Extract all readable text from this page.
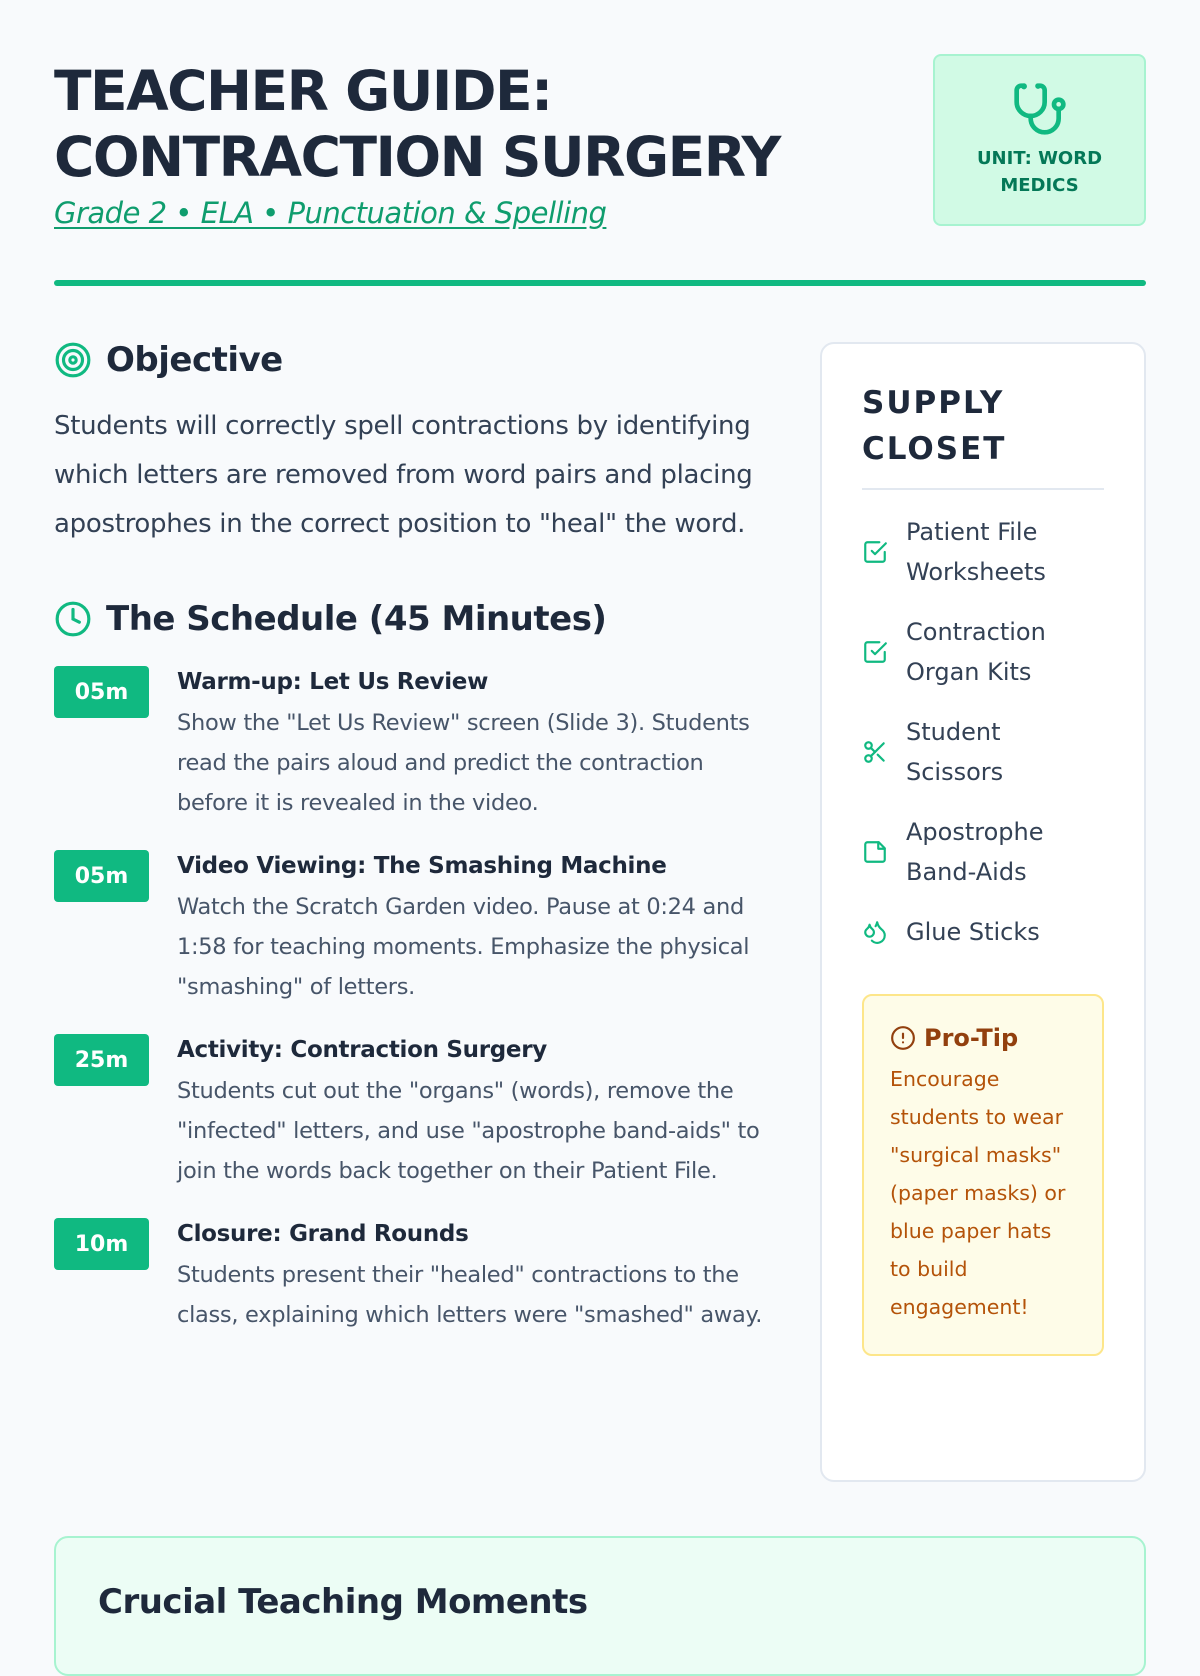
TEACHER GUIDE:
CONTRACTION SURGERY
Grade 2 • ELA • Punctuation & Spelling
UNIT: WORD MEDICS
Objective

Students will correctly spell contractions by identifying which letters are removed from word pairs and placing apostrophes in the correct position to "heal" the word.

The Schedule (45 Minutes)
05m	Warm-up: Let Us Review
Show the "Let Us Review" screen (Slide 3). Students read the pairs aloud and predict the contraction before it is revealed in the video.
05m	Video Viewing: The Smashing Machine
Watch the Scratch Garden video. Pause at 0:24 and 1:58 for teaching moments. Emphasize the physical "smashing" of letters.
25m	Activity: Contraction Surgery
Students cut out the "organs" (words), remove the "infected" letters, and use "apostrophe band-aids" to join the words back together on their Patient File.
10m	Closure: Grand Rounds
Students present their "healed" contractions to the class, explaining which letters were "smashed" away.
SUPPLY CLOSET
Patient File Worksheets
Contraction Organ Kits
Student Scissors
Apostrophe Band-Aids
Glue Sticks
Pro-Tip

Encourage students to wear "surgical masks" (paper masks) or blue paper hats to build engagement!

Crucial Teaching Moments
